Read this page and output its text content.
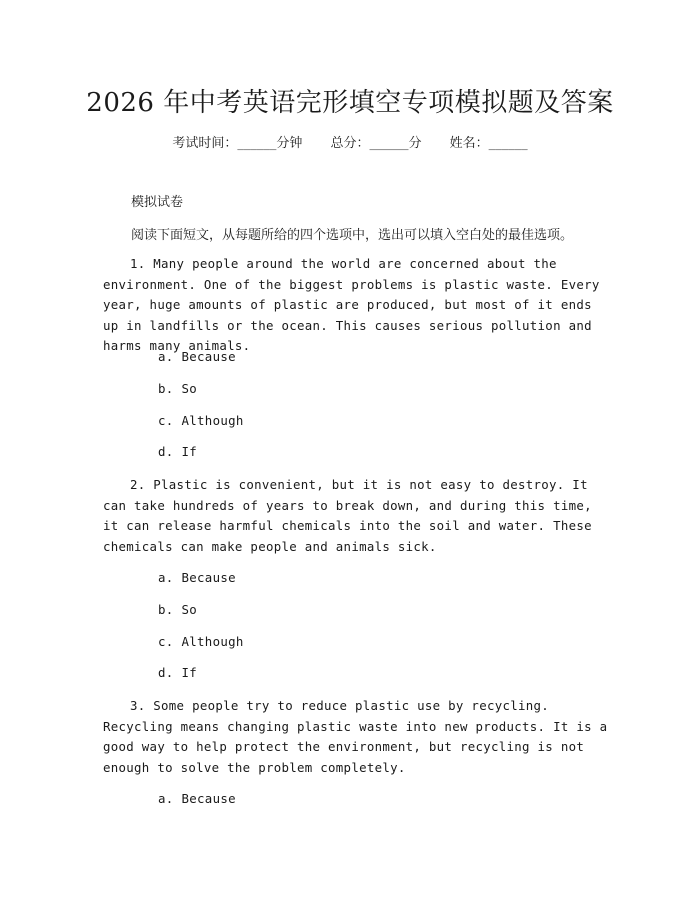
2026 年中考英语完形填空专项模拟题及答案
考试时间：______分钟 总分：______分 姓名：______
模拟试卷
阅读下面短文，从每题所给的四个选项中，选出可以填入空白处的最佳选项。

1. Many people around the world are concerned about the environment. One of the biggest problems is plastic waste. Every year, huge amounts of plastic are produced, but most of it ends up in landfills or the ocean. This causes serious pollution and harms many animals.

a. Because
b. So
c. Although
d. If

2. Plastic is convenient, but it is not easy to destroy. It can take hundreds of years to break down, and during this time, it can release harmful chemicals into the soil and water. These chemicals can make people and animals sick.

a. Because
b. So
c. Although
d. If

3. Some people try to reduce plastic use by recycling. Recycling means changing plastic waste into new products. It is a good way to help protect the environment, but recycling is not enough to solve the problem completely.

a. Because
